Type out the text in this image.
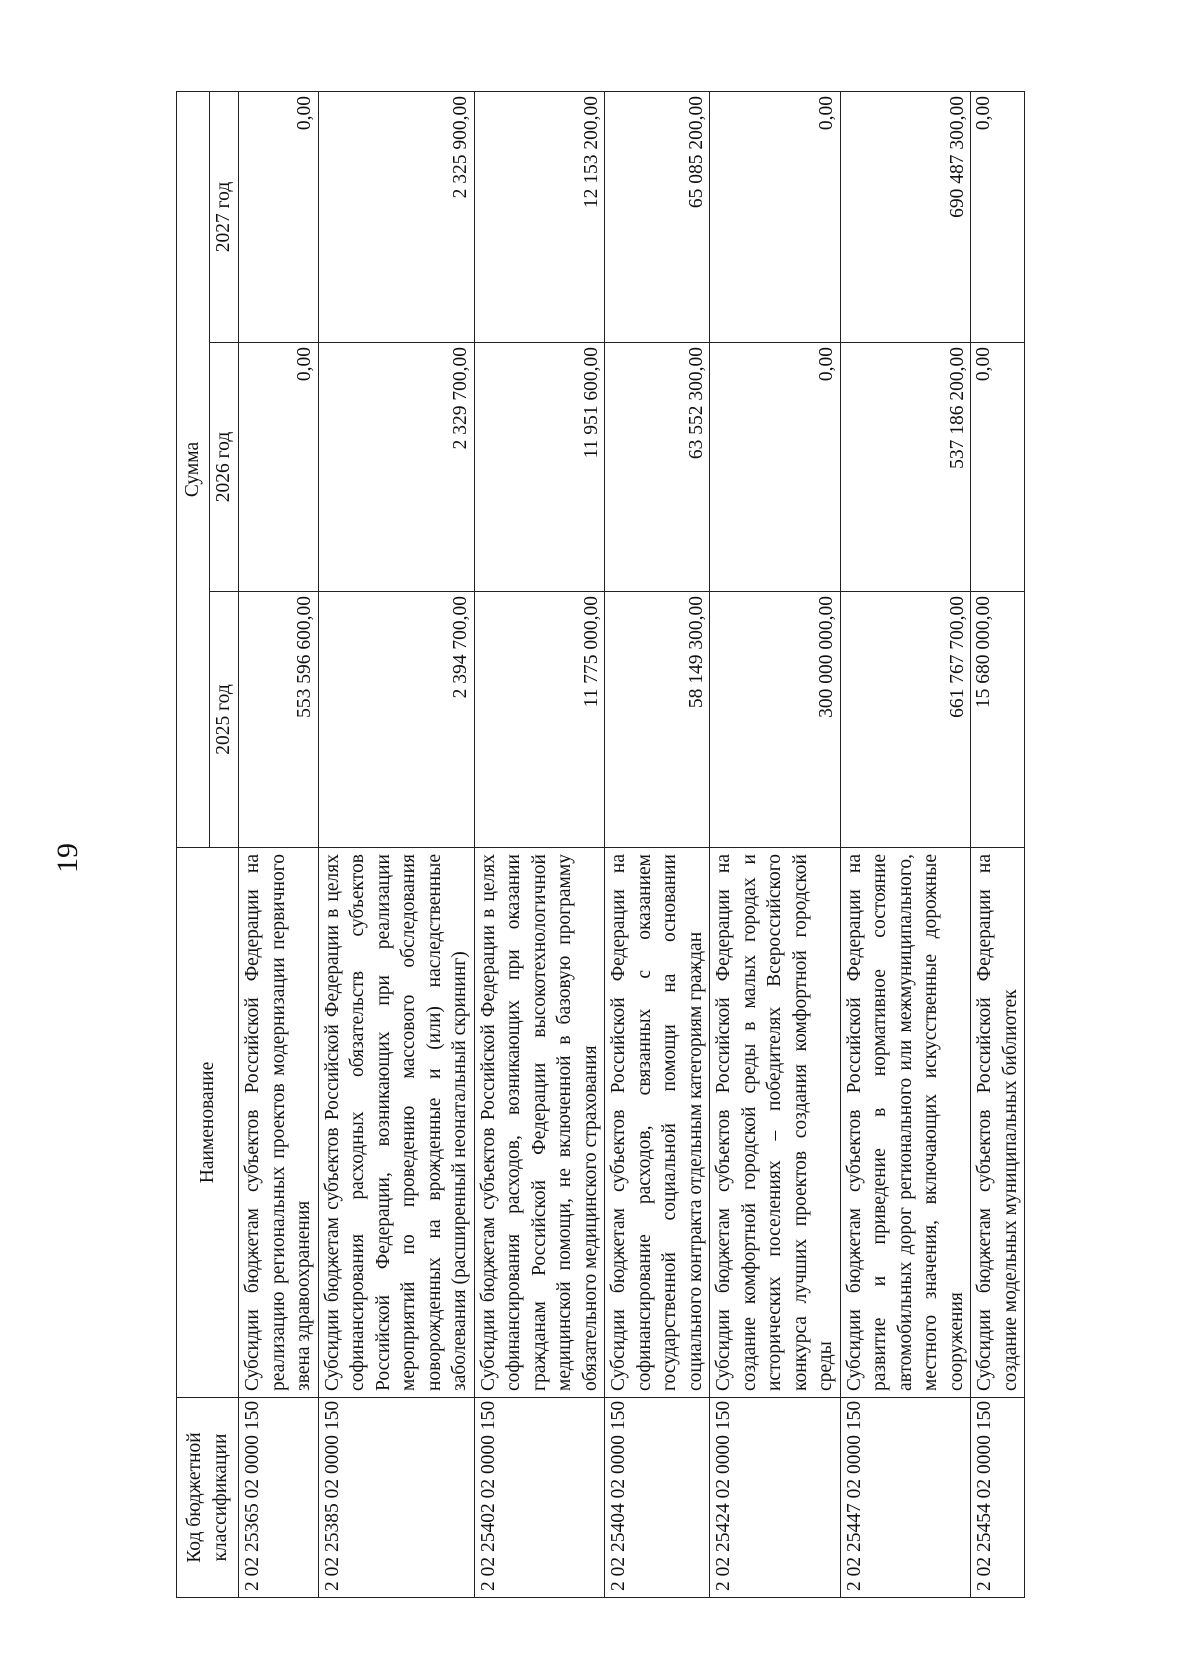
19
Код бюджетной классификации	Наименование	Сумма		
		2025 год	2026 год	2027 год
2 02 25365 02 0000 150	Субсидии бюджетам субъектов Российской Федерации на реализацию региональных проектов модернизации первичного звена здравоохранения	553 596 600,00	0,00	0,00
2 02 25385 02 0000 150	Субсидии бюджетам субъектов Российской Федерации в целях софинансирования расходных обязательств субъектов Российской Федерации, возникающих при реализации мероприятий по проведению массового обследования новорожденных на врожденные и (или) наследственные заболевания (расширенный неонатальный скрининг)	2 394 700,00	2 329 700,00	2 325 900,00
2 02 25402 02 0000 150	Субсидии бюджетам субъектов Российской Федерации в целях софинансирования расходов, возникающих при оказании гражданам Российской Федерации высокотехнологичной медицинской помощи, не включенной в базовую программу обязательного медицинского страхования	11 775 000,00	11 951 600,00	12 153 200,00
2 02 25404 02 0000 150	Субсидии бюджетам субъектов Российской Федерации на софинансирование расходов, связанных с оказанием государственной социальной помощи на основании социального контракта отдельным категориям граждан	58 149 300,00	63 552 300,00	65 085 200,00
2 02 25424 02 0000 150	Субсидии бюджетам субъектов Российской Федерации на создание комфортной городской среды в малых городах и исторических поселениях – победителях Всероссийского конкурса лучших проектов создания комфортной городской среды	300 000 000,00	0,00	0,00
2 02 25447 02 0000 150	Субсидии бюджетам субъектов Российской Федерации на развитие и приведение в нормативное состояние автомобильных дорог регионального или межмуниципального, местного значения, включающих искусственные дорожные сооружения	661 767 700,00	537 186 200,00	690 487 300,00
2 02 25454 02 0000 150	Субсидии бюджетам субъектов Российской Федерации на создание модельных муниципальных библиотек	15 680 000,00	0,00	0,00
